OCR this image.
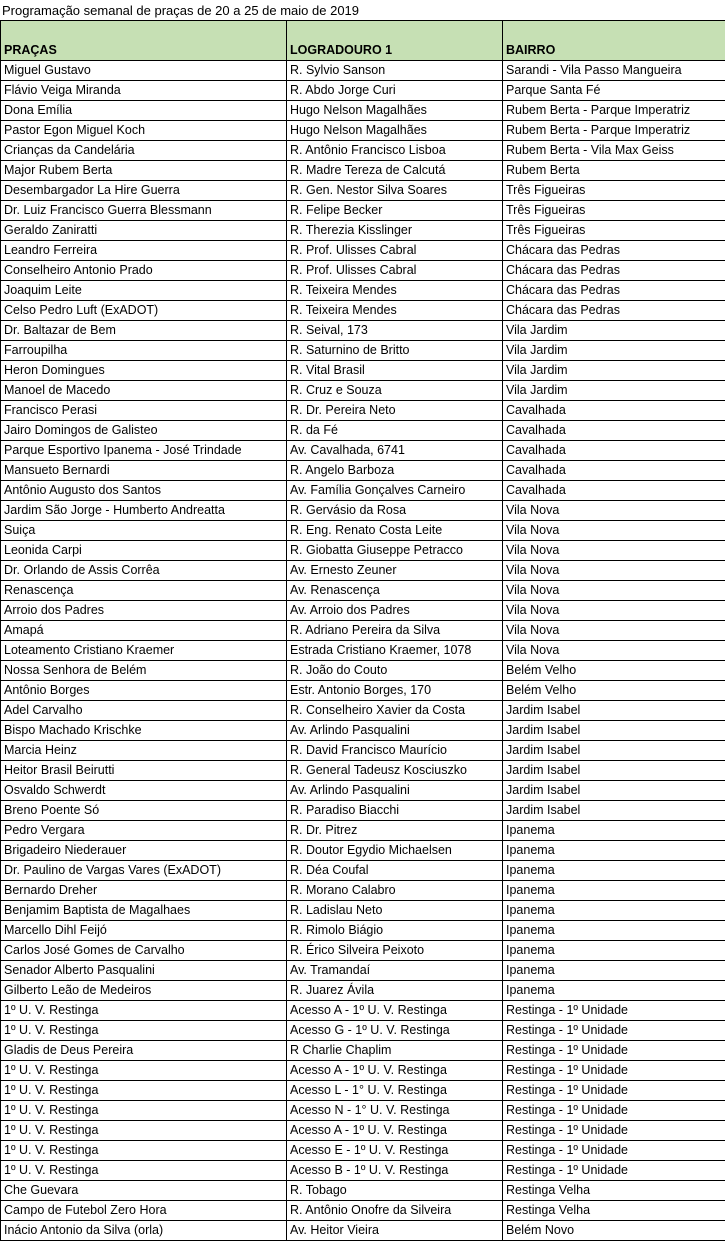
Programação semanal de praças de 20 a 25 de maio de 2019

PRAÇAS	LOGRADOURO 1	BAIRRO
Miguel Gustavo	R. Sylvio Sanson	Sarandi - Vila Passo Mangueira
Flávio Veiga Miranda	R. Abdo Jorge Curi	Parque Santa Fé
Dona Emília	Hugo Nelson Magalhães	Rubem Berta - Parque Imperatriz
Pastor Egon Miguel Koch	Hugo Nelson Magalhães	Rubem Berta - Parque Imperatriz
Crianças da Candelária	R. Antônio Francisco Lisboa	Rubem Berta - Vila Max Geiss
Major Rubem Berta	R. Madre Tereza de Calcutá	Rubem Berta
Desembargador La Hire Guerra	R. Gen. Nestor Silva Soares	Três Figueiras
Dr. Luiz Francisco Guerra Blessmann	R. Felipe Becker	Três Figueiras
Geraldo Zaniratti	R. Therezia Kisslinger	Três Figueiras
Leandro Ferreira	R. Prof. Ulisses Cabral	Chácara das Pedras
Conselheiro Antonio Prado	R. Prof. Ulisses Cabral	Chácara das Pedras
Joaquim Leite	R. Teixeira Mendes	Chácara das Pedras
Celso Pedro Luft (ExADOT)	R. Teixeira Mendes	Chácara das Pedras
Dr. Baltazar de Bem	R. Seival, 173	Vila Jardim
Farroupilha	R. Saturnino de Britto	Vila Jardim
Heron Domingues	R. Vital Brasil	Vila Jardim
Manoel de Macedo	R. Cruz e Souza	Vila Jardim
Francisco Perasi	R. Dr. Pereira Neto	Cavalhada
Jairo Domingos de Galisteo	R. da Fé	Cavalhada
Parque Esportivo Ipanema - José Trindade	Av. Cavalhada, 6741	Cavalhada
Mansueto Bernardi	R. Angelo Barboza	Cavalhada
Antônio Augusto dos Santos	Av. Família Gonçalves Carneiro	Cavalhada
Jardim São Jorge - Humberto Andreatta	R. Gervásio da Rosa	Vila Nova
Suiça	R. Eng. Renato Costa Leite	Vila Nova
Leonida Carpi	R. Giobatta Giuseppe Petracco	Vila Nova
Dr. Orlando de Assis Corrêa	Av. Ernesto Zeuner	Vila Nova
Renascença	Av. Renascença	Vila Nova
Arroio dos Padres	Av. Arroio dos Padres	Vila Nova
Amapá	R. Adriano Pereira da Silva	Vila Nova
Loteamento Cristiano Kraemer	Estrada Cristiano Kraemer, 1078	Vila Nova
Nossa Senhora de Belém	R. João do Couto	Belém Velho
Antônio Borges	Estr. Antonio Borges, 170	Belém Velho
Adel Carvalho	R. Conselheiro Xavier da Costa	Jardim Isabel
Bispo Machado Krischke	Av. Arlindo Pasqualini	Jardim Isabel
Marcia Heinz	R. David Francisco Maurício	Jardim Isabel
Heitor Brasil Beirutti	R. General Tadeusz Kosciuszko	Jardim Isabel
Osvaldo Schwerdt	Av. Arlindo Pasqualini	Jardim Isabel
Breno Poente Só	R. Paradiso Biacchi	Jardim Isabel
Pedro Vergara	R. Dr. Pitrez	Ipanema
Brigadeiro Niederauer	R. Doutor Egydio Michaelsen	Ipanema
Dr. Paulino de Vargas Vares (ExADOT)	R. Déa Coufal	Ipanema
Bernardo Dreher	R. Morano Calabro	Ipanema
Benjamim Baptista de Magalhaes	R. Ladislau Neto	Ipanema
Marcello Dihl Feijó	R. Rimolo Biágio	Ipanema
Carlos José Gomes de Carvalho	R. Érico Silveira Peixoto	Ipanema
Senador Alberto Pasqualini	Av. Tramandaí	Ipanema
Gilberto Leão de Medeiros	R. Juarez Ávila	Ipanema
1º U. V. Restinga	Acesso A - 1º U. V. Restinga	Restinga - 1º Unidade
1º U. V. Restinga	Acesso G - 1º U. V. Restinga	Restinga - 1º Unidade
Gladis de Deus Pereira	R Charlie Chaplim	Restinga - 1º Unidade
1º U. V. Restinga	Acesso A - 1º U. V. Restinga	Restinga - 1º Unidade
1º U. V. Restinga	Acesso L - 1° U. V. Restinga	Restinga - 1º Unidade
1º U. V. Restinga	Acesso N - 1° U. V. Restinga	Restinga - 1º Unidade
1º U. V. Restinga	Acesso A - 1º U. V. Restinga	Restinga - 1º Unidade
1º U. V. Restinga	Acesso E - 1º U. V. Restinga	Restinga - 1º Unidade
1º U. V. Restinga	Acesso B - 1º U. V. Restinga	Restinga - 1º Unidade
Che Guevara	R. Tobago	Restinga Velha
Campo de Futebol Zero Hora	R. Antônio Onofre da Silveira	Restinga Velha
Inácio Antonio da Silva (orla)	Av. Heitor Vieira	Belém Novo
